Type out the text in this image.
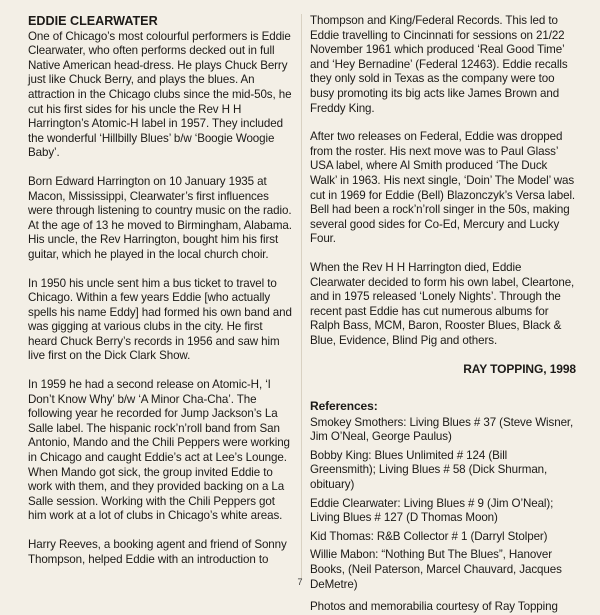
EDDIE CLEARWATER

One of Chicago’s most colourful performers is Eddie Clearwater, who often performs decked out in full Native American head-dress. He plays Chuck Berry just like Chuck Berry, and plays the blues. An attraction in the Chicago clubs since the mid-50s, he cut his first sides for his uncle the Rev H H Harrington’s Atomic-H label in 1957. They included the wonderful ‘Hillbilly Blues’ b/w ‘Boogie Woogie Baby’.

Born Edward Harrington on 10 January 1935 at Macon, Mississippi, Clearwater’s first influences were through listening to country music on the radio. At the age of 13 he moved to Birmingham, Alabama. His uncle, the Rev Harrington, bought him his first guitar, which he played in the local church choir.

In 1950 his uncle sent him a bus ticket to travel to Chicago. Within a few years Eddie [who actually spells his name Eddy] had formed his own band and was gigging at various clubs in the city. He first heard Chuck Berry’s records in 1956 and saw him live first on the Dick Clark Show.

In 1959 he had a second release on Atomic-H, ‘I Don’t Know Why’ b/w ‘A Minor Cha-Cha’. The following year he recorded for Jump Jackson’s La Salle label. The hispanic rock’n’roll band from San Antonio, Mando and the Chili Peppers were working in Chicago and caught Eddie’s act at Lee’s Lounge. When Mando got sick, the group invited Eddie to work with them, and they provided backing on a La Salle session. Working with the Chili Peppers got him work at a lot of clubs in Chicago’s white areas.

Harry Reeves, a booking agent and friend of Sonny Thompson, helped Eddie with an introduction to

Thompson and King/Federal Records. This led to Eddie travelling to Cincinnati for sessions on 21/22 November 1961 which produced ‘Real Good Time’ and ‘Hey Bernadine’ (Federal 12463). Eddie recalls they only sold in Texas as the company were too busy promoting its big acts like James Brown and Freddy King.

After two releases on Federal, Eddie was dropped from the roster. His next move was to Paul Glass’ USA label, where Al Smith produced ‘The Duck Walk’ in 1963. His next single, ‘Doin’ The Model’ was cut in 1969 for Eddie (Bell) Blazonczyk’s Versa label. Bell had been a rock’n’roll singer in the 50s, making several good sides for Co-Ed, Mercury and Lucky Four.

When the Rev H H Harrington died, Eddie Clearwater decided to form his own label, Cleartone, and in 1975 released ‘Lonely Nights’. Through the recent past Eddie has cut numerous albums for Ralph Bass, MCM, Baron, Rooster Blues, Black & Blue, Evidence, Blind Pig and others.

RAY TOPPING, 1998
References:
Smokey Smothers: Living Blues # 37 (Steve Wisner, Jim O’Neal, George Paulus)
Bobby King: Blues Unlimited # 124 (Bill Greensmith); Living Blues # 58 (Dick Shurman, obituary)
Eddie Clearwater: Living Blues # 9 (Jim O’Neal); Living Blues # 127 (D Thomas Moon)
Kid Thomas: R&B Collector # 1 (Darryl Stolper)
Willie Mabon: “Nothing But The Blues”, Hanover Books, (Neil Paterson, Marcel Chauvard, Jacques DeMetre)
Photos and memorabilia courtesy of Ray Topping
7
